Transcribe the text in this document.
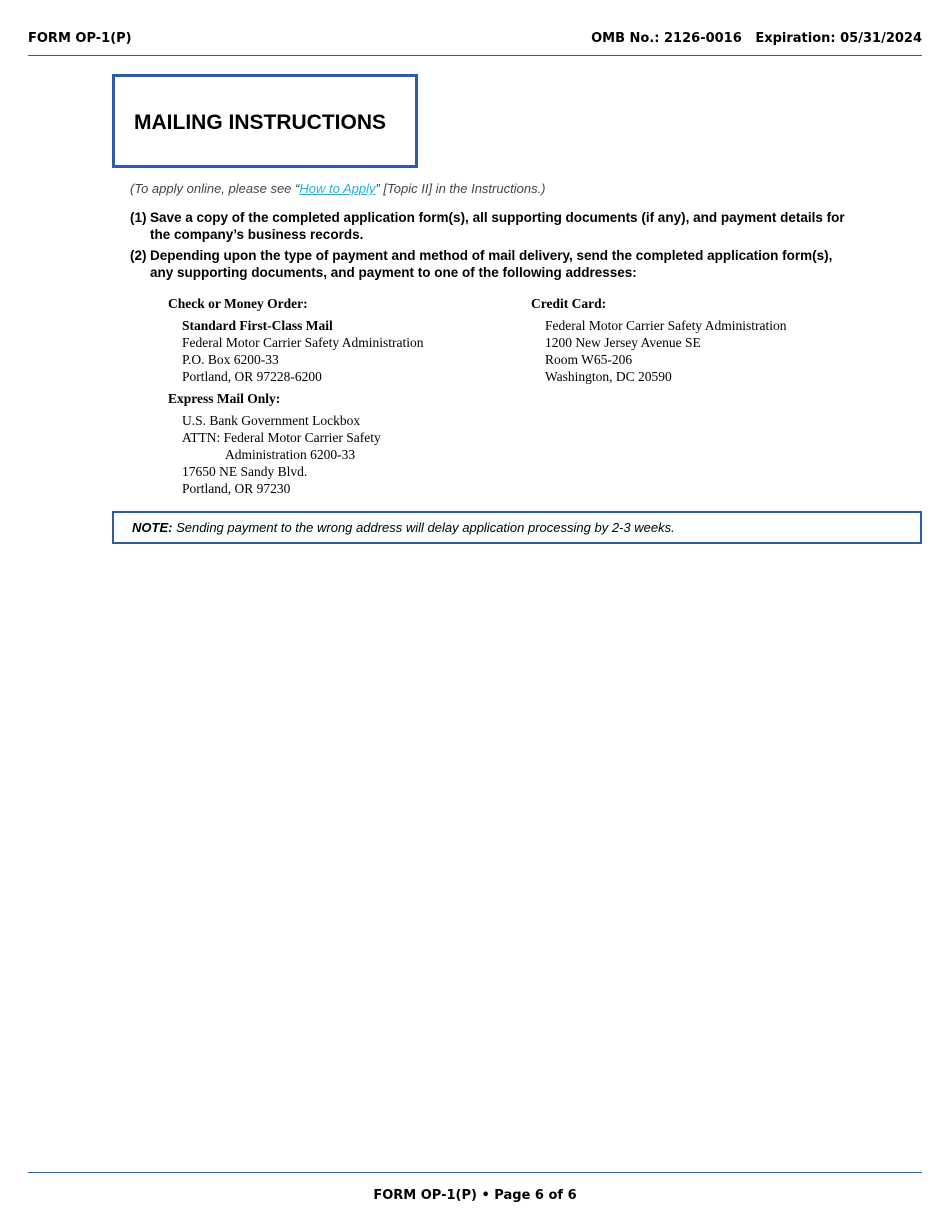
FORM OP-1(P)	OMB No.: 2126-0016 Expiration: 05/31/2024
MAILING INSTRUCTIONS
(To apply online, please see “How to Apply” [Topic II] in the Instructions.)
(1) Save a copy of the completed application form(s), all supporting documents (if any), and payment details for the company’s business records.
(2) Depending upon the type of payment and method of mail delivery, send the completed application form(s), any supporting documents, and payment to one of the following addresses:
Check or Money Order:
Standard First-Class Mail
Federal Motor Carrier Safety Administration
P.O. Box 6200-33
Portland, OR 97228-6200
Express Mail Only:
U.S. Bank Government Lockbox
ATTN: Federal Motor Carrier Safety
Administration 6200-33
17650 NE Sandy Blvd.
Portland, OR 97230
Credit Card:
Federal Motor Carrier Safety Administration
1200 New Jersey Avenue SE
Room W65-206
Washington, DC 20590
NOTE: Sending payment to the wrong address will delay application processing by 2-3 weeks.
FORM OP-1(P) • Page 6 of 6
